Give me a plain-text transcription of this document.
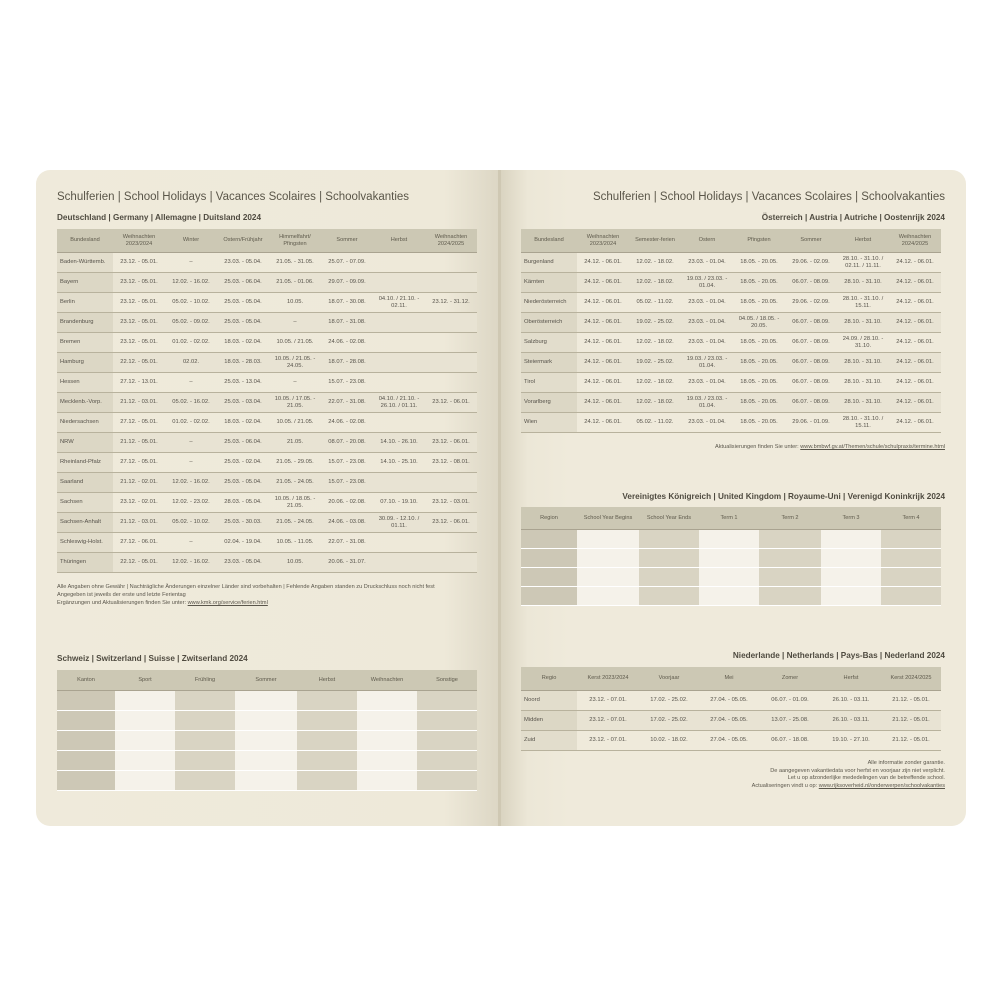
Schulferien | School Holidays | Vacances Scolaires | Schoolvakanties
Deutschland | Germany | Allemagne | Duitsland 2024
Bundesland	Weihnachten 2023/2024	Winter	Ostern/Frühjahr	Himmelfahrt/ Pfingsten	Sommer	Herbst	Weihnachten 2024/2025
Baden-Württemb.	23.12. - 05.01.	–	23.03. - 05.04.	21.05. - 31.05.	25.07. - 07.09.		
Bayern	23.12. - 05.01.	12.02. - 16.02.	25.03. - 06.04.	21.05. - 01.06.	29.07. - 09.09.		
Berlin	23.12. - 05.01.	05.02. - 10.02.	25.03. - 05.04.	10.05.	18.07. - 30.08.	04.10. / 21.10. - 02.11.	23.12. - 31.12.
Brandenburg	23.12. - 05.01.	05.02. - 09.02.	25.03. - 05.04.	–	18.07. - 31.08.		
Bremen	23.12. - 05.01.	01.02. - 02.02.	18.03. - 02.04.	10.05. / 21.05.	24.06. - 02.08.		
Hamburg	22.12. - 05.01.	02.02.	18.03. - 28.03.	10.05. / 21.05. - 24.05.	18.07. - 28.08.		
Hessen	27.12. - 13.01.	–	25.03. - 13.04.	–	15.07. - 23.08.		
Mecklenb.-Vorp.	21.12. - 03.01.	05.02. - 16.02.	25.03. - 03.04.	10.05. / 17.05. - 21.05.	22.07. - 31.08.	04.10. / 21.10. - 26.10. / 01.11.	23.12. - 06.01.
Niedersachsen	27.12. - 05.01.	01.02. - 02.02.	18.03. - 02.04.	10.05. / 21.05.	24.06. - 02.08.		
NRW	21.12. - 05.01.	–	25.03. - 06.04.	21.05.	08.07. - 20.08.	14.10. - 26.10.	23.12. - 06.01.
Rheinland-Pfalz	27.12. - 05.01.	–	25.03. - 02.04.	21.05. - 29.05.	15.07. - 23.08.	14.10. - 25.10.	23.12. - 08.01.
Saarland	21.12. - 02.01.	12.02. - 16.02.	25.03. - 05.04.	21.05. - 24.05.	15.07. - 23.08.		
Sachsen	23.12. - 02.01.	12.02. - 23.02.	28.03. - 05.04.	10.05. / 18.05. - 21.05.	20.06. - 02.08.	07.10. - 19.10.	23.12. - 03.01.
Sachsen-Anhalt	21.12. - 03.01.	05.02. - 10.02.	25.03. - 30.03.	21.05. - 24.05.	24.06. - 03.08.	30.09. - 12.10. / 01.11.	23.12. - 06.01.
Schleswig-Holst.	27.12. - 06.01.	–	02.04. - 19.04.	10.05. - 11.05.	22.07. - 31.08.		
Thüringen	22.12. - 05.01.	12.02. - 16.02.	23.03. - 05.04.	10.05.	20.06. - 31.07.		
Alle Angaben ohne Gewähr | Nachträgliche Änderungen einzelner Länder sind vorbehalten | Fehlende Angaben standen zu Druckschluss noch nicht fest
Angegeben ist jeweils der erste und letzte Ferientag
Ergänzungen und Aktualisierungen finden Sie unter: www.kmk.org/service/ferien.html
Schweiz | Switzerland | Suisse | Zwitserland 2024
Kanton	Sport	Frühling	Sommer	Herbst	Weihnachten	Sonstige

Schulferien | School Holidays | Vacances Scolaires | Schoolvakanties
Österreich | Austria | Autriche | Oostenrijk 2024
Bundesland	Weihnachten 2023/2024	Semester-ferien	Ostern	Pfingsten	Sommer	Herbst	Weihnachten 2024/2025
Burgenland	24.12. - 06.01.	12.02. - 18.02.	23.03. - 01.04.	18.05. - 20.05.	29.06. - 02.09.	28.10. - 31.10. / 02.11. / 11.11.	24.12. - 06.01.
Kärnten	24.12. - 06.01.	12.02. - 18.02.	19.03. / 23.03. - 01.04.	18.05. - 20.05.	06.07. - 08.09.	28.10. - 31.10.	24.12. - 06.01.
Niederösterreich	24.12. - 06.01.	05.02. - 11.02.	23.03. - 01.04.	18.05. - 20.05.	29.06. - 02.09.	28.10. - 31.10. / 15.11.	24.12. - 06.01.
Oberösterreich	24.12. - 06.01.	19.02. - 25.02.	23.03. - 01.04.	04.05. / 18.05. - 20.05.	06.07. - 08.09.	28.10. - 31.10.	24.12. - 06.01.
Salzburg	24.12. - 06.01.	12.02. - 18.02.	23.03. - 01.04.	18.05. - 20.05.	06.07. - 08.09.	24.09. / 28.10. - 31.10.	24.12. - 06.01.
Steiermark	24.12. - 06.01.	19.02. - 25.02.	19.03. / 23.03. - 01.04.	18.05. - 20.05.	06.07. - 08.09.	28.10. - 31.10.	24.12. - 06.01.
Tirol	24.12. - 06.01.	12.02. - 18.02.	23.03. - 01.04.	18.05. - 20.05.	06.07. - 08.09.	28.10. - 31.10.	24.12. - 06.01.
Vorarlberg	24.12. - 06.01.	12.02. - 18.02.	19.03. / 23.03. - 01.04.	18.05. - 20.05.	06.07. - 08.09.	28.10. - 31.10.	24.12. - 06.01.
Wien	24.12. - 06.01.	05.02. - 11.02.	23.03. - 01.04.	18.05. - 20.05.	29.06. - 01.09.	28.10. - 31.10. / 15.11.	24.12. - 06.01.
Aktualisierungen finden Sie unter: www.bmbwf.gv.at/Themen/schule/schulpraxis/termine.html
Vereinigtes Königreich | United Kingdom | Royaume-Uni | Verenigd Koninkrijk 2024
Region	School Year Begins	School Year Ends	Term 1	Term 2	Term 3	Term 4

Niederlande | Netherlands | Pays-Bas | Nederland 2024
Regio	Kerst 2023/2024	Voorjaar	Mei	Zomer	Herfst	Kerst 2024/2025
Noord	23.12. - 07.01.	17.02. - 25.02.	27.04. - 05.05.	06.07. - 01.09.	26.10. - 03.11.	21.12. - 05.01.
Midden	23.12. - 07.01.	17.02. - 25.02.	27.04. - 05.05.	13.07. - 25.08.	26.10. - 03.11.	21.12. - 05.01.
Zuid	23.12. - 07.01.	10.02. - 18.02.	27.04. - 05.05.	06.07. - 18.08.	19.10. - 27.10.	21.12. - 05.01.
Alle informatie zonder garantie.
De aangegeven vakantiedata voor herfst en voorjaar zijn niet verplicht.
Let u op afzonderlijke mededelingen van de betreffende school.
Actualiseringen vindt u op: www.rijksoverheid.nl/onderwerpen/schoolvakanties
